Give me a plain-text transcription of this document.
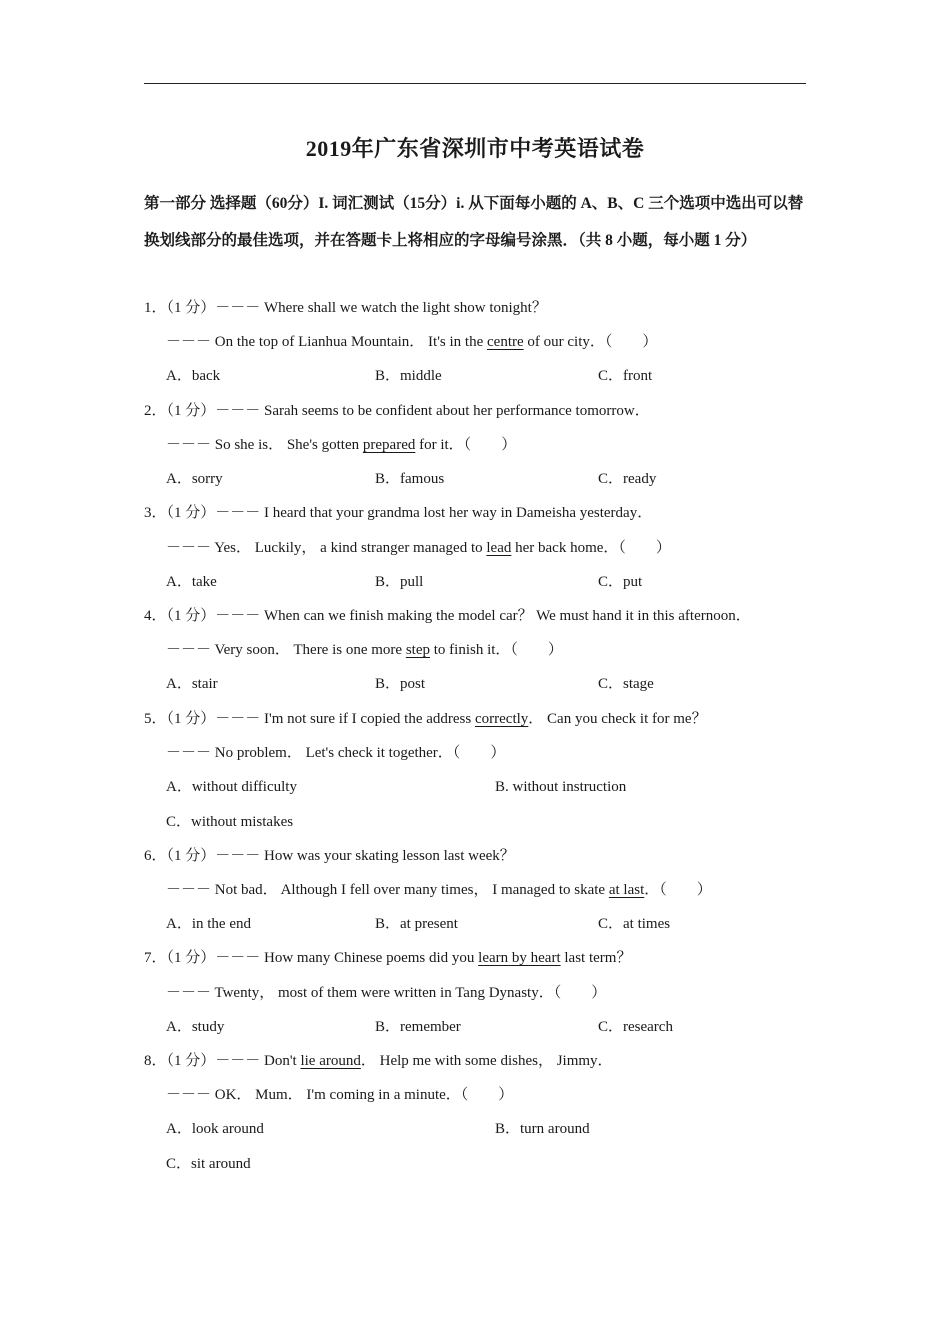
2019年广东省深圳市中考英语试卷
第一部分 选择题（60分）I. 词汇测试（15分）i. 从下面每小题的 A、B、C 三个选项中选出可以替换划线部分的最佳选项，并在答题卡上将相应的字母编号涂黑．（共 8 小题，每小题 1 分）
1．（1 分）－－－ Where shall we watch the light show tonight？
－－－ On the top of Lianhua Mountain． It's in the centre of our city．（ ）
A．back	B．middle	C．front
2．（1 分）－－－ Sarah seems to be confident about her performance tomorrow．
－－－ So she is． She's gotten prepared for it．（ ）
A．sorry	B．famous	C．ready
3．（1 分）－－－ I heard that your grandma lost her way in Dameisha yesterday．
－－－ Yes． Luckily， a kind stranger managed to lead her back home．（ ）
A．take	B．pull	C．put
4．（1 分）－－－ When can we finish making the model car？ We must hand it in this afternoon．
－－－ Very soon． There is one more step to finish it．（ ）
A．stair	B．post	C．stage
5．（1 分）－－－ I'm not sure if I copied the address correctly． Can you check it for me？
－－－ No problem． Let's check it together．（ ）
A．without difficulty	B. without instruction
C．without mistakes
6．（1 分）－－－ How was your skating lesson last week？
－－－ Not bad． Although I fell over many times， I managed to skate at last．（ ）
A．in the end	B．at present	C．at times
7．（1 分）－－－ How many Chinese poems did you learn by heart last term？
－－－ Twenty， most of them were written in Tang Dynasty．（ ）
A．study	B．remember	C．research
8．（1 分）－－－ Don't lie around． Help me with some dishes， Jimmy．
－－－ OK． Mum． I'm coming in a minute．（ ）
A．look around	B．turn around
C．sit around
